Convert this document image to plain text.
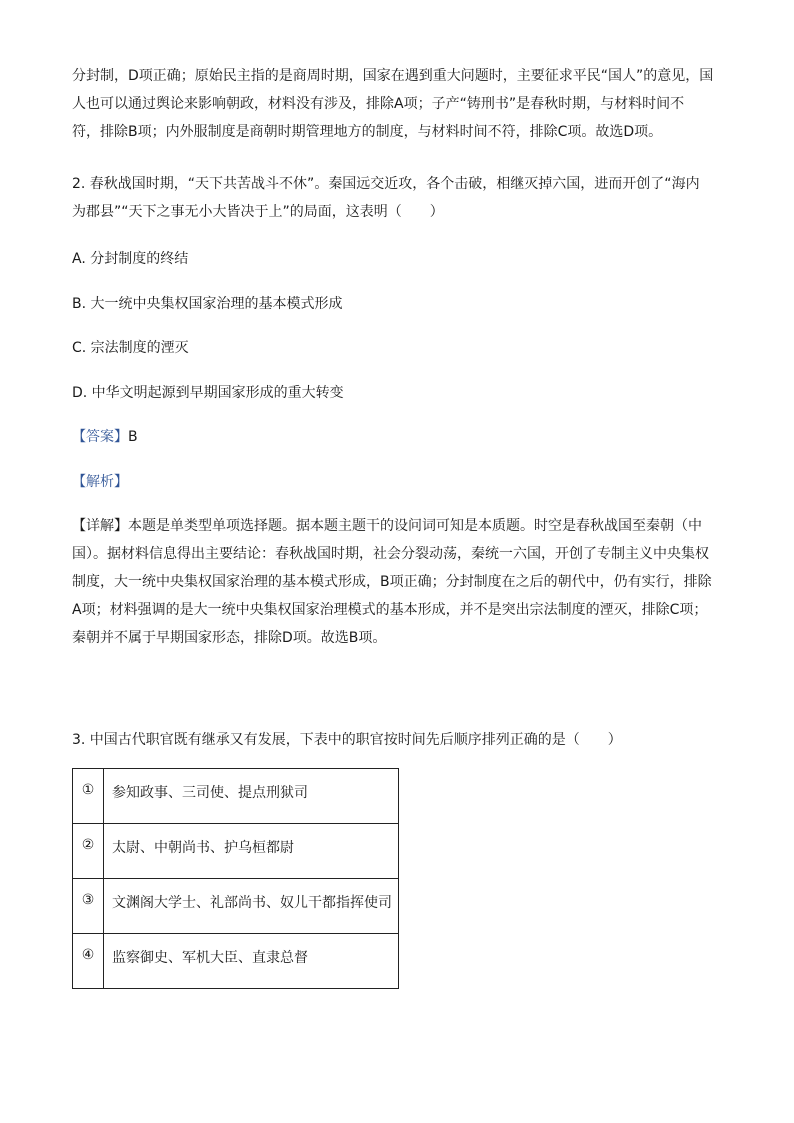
分封制，D项正确；原始民主指的是商周时期，国家在遇到重大问题时，主要征求平民“国人”的意见，国
人也可以通过舆论来影响朝政，材料没有涉及，排除A项；子产“铸刑书”是春秋时期，与材料时间不
符，排除B项；内外服制度是商朝时期管理地方的制度，与材料时间不符，排除C项。故选D项。

2. 春秋战国时期，“天下共苦战斗不休”。秦国远交近攻，各个击破，相继灭掉六国，进而开创了“海内
为郡县”“天下之事无小大皆决于上”的局面，这表明（　　）

A. 分封制度的终结

B. 大一统中央集权国家治理的基本模式形成

C. 宗法制度的湮灭

D. 中华文明起源到早期国家形成的重大转变

【答案】B

【解析】

【详解】本题是单类型单项选择题。据本题主题干的设问词可知是本质题。时空是春秋战国至秦朝（中
国）。据材料信息得出主要结论：春秋战国时期，社会分裂动荡，秦统一六国，开创了专制主义中央集权
制度，大一统中央集权国家治理的基本模式形成，B项正确；分封制度在之后的朝代中，仍有实行，排除
A项；材料强调的是大一统中央集权国家治理模式的基本形成，并不是突出宗法制度的湮灭，排除C项；
秦朝并不属于早期国家形态，排除D项。故选B项。

3. 中国古代职官既有继承又有发展，下表中的职官按时间先后顺序排列正确的是（　　）

①	参知政事、三司使、提点刑狱司

②	太尉、中朝尚书、护乌桓都尉

③	文渊阁大学士、礼部尚书、奴儿干都指挥使司

④	监察御史、军机大臣、直隶总督
